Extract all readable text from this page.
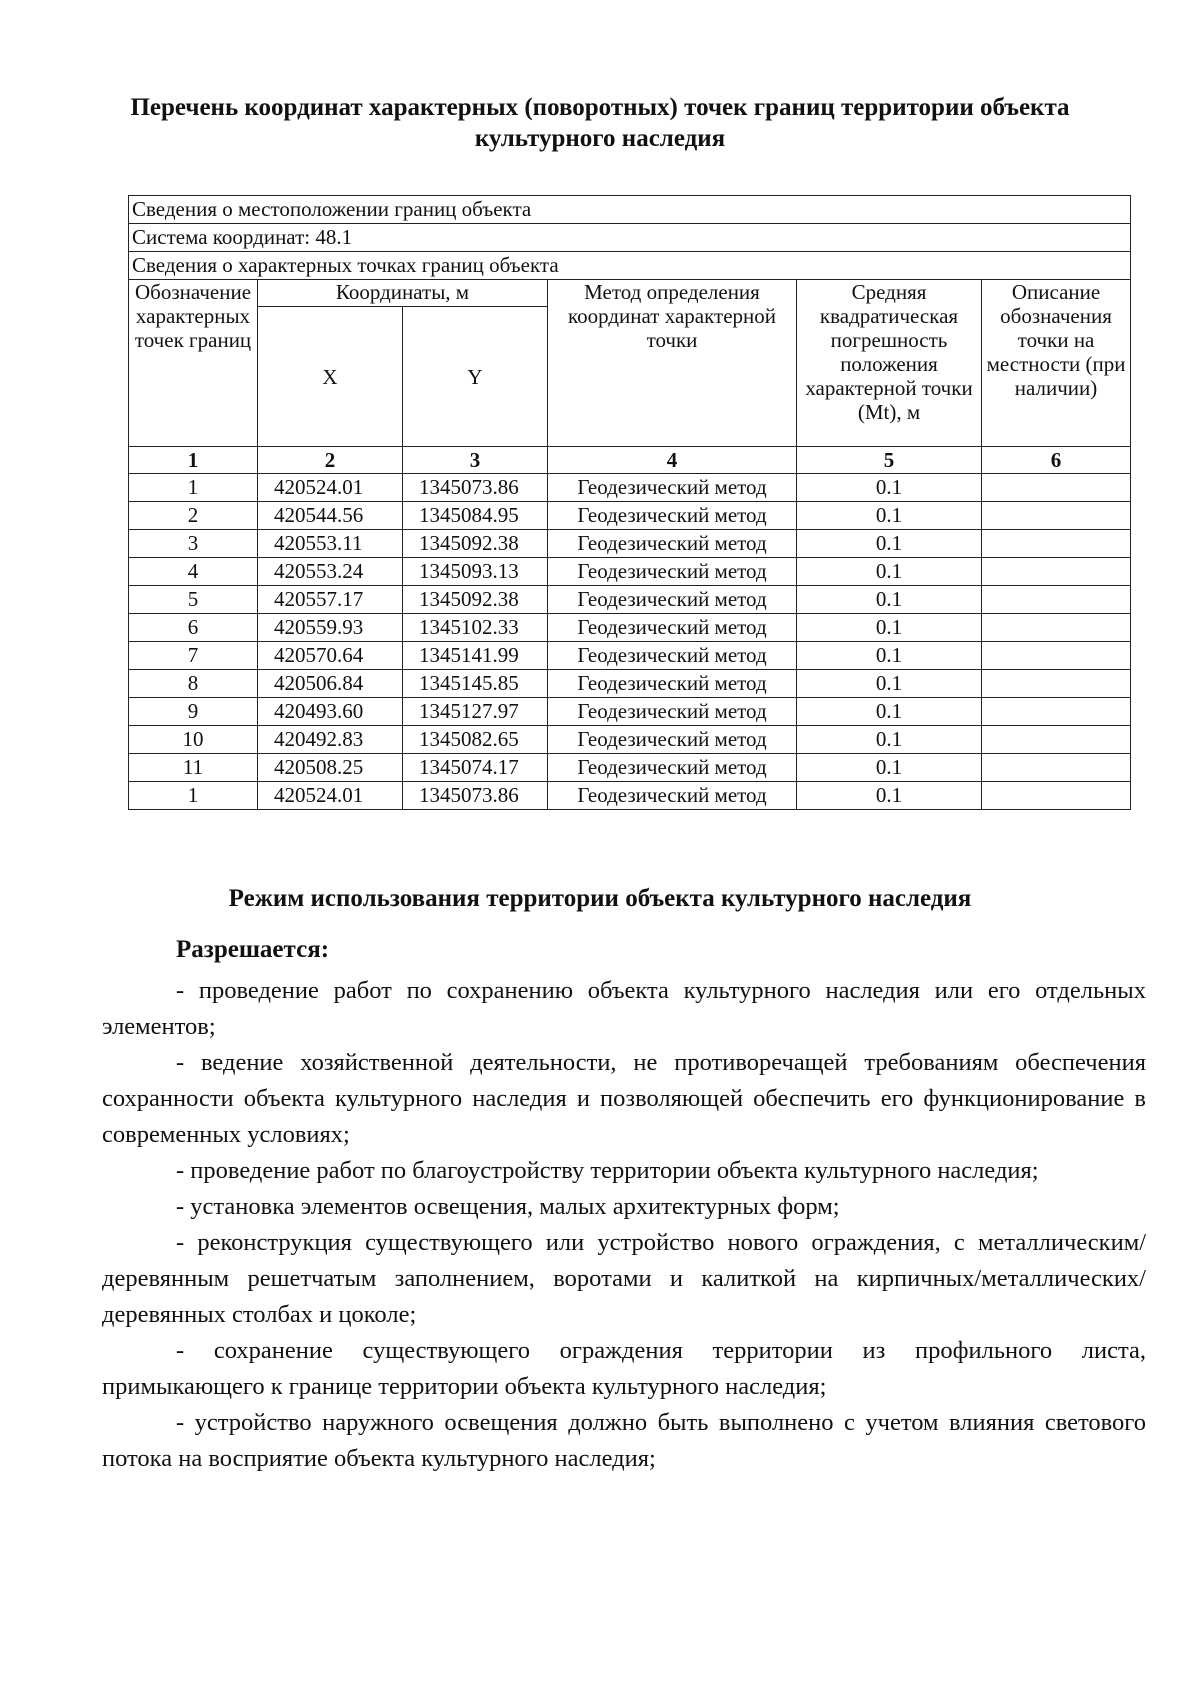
Перечень координат характерных (поворотных) точек границ территории объекта культурного наследия
Сведения о местоположении границ объекта					
Система координат: 48.1					
Сведения о характерных точках границ объекта					
Обозначение характерных точек границ	Координаты, м		Метод определения координат характерной точки	Средняя квадратическая погрешность положения характерной точки (Mt), м	Описание обозначения точки на местности (при наличии)
	X	Y			
1	2	3	4	5	6
1	420524.01	1345073.86	Геодезический метод	0.1	
2	420544.56	1345084.95	Геодезический метод	0.1	
3	420553.11	1345092.38	Геодезический метод	0.1	
4	420553.24	1345093.13	Геодезический метод	0.1	
5	420557.17	1345092.38	Геодезический метод	0.1	
6	420559.93	1345102.33	Геодезический метод	0.1	
7	420570.64	1345141.99	Геодезический метод	0.1	
8	420506.84	1345145.85	Геодезический метод	0.1	
9	420493.60	1345127.97	Геодезический метод	0.1	
10	420492.83	1345082.65	Геодезический метод	0.1	
11	420508.25	1345074.17	Геодезический метод	0.1	
1	420524.01	1345073.86	Геодезический метод	0.1	
Режим использования территории объекта культурного наследия
Разрешается:

- проведение работ по сохранению объекта культурного наследия или его отдельных элементов;

- ведение хозяйственной деятельности, не противоречащей требованиям обеспечения сохранности объекта культурного наследия и позволяющей обеспечить его функционирование в современных условиях;

- проведение работ по благоустройству территории объекта культурного наследия;

- установка элементов освещения, малых архитектурных форм;

- реконструкция существующего или устройство нового ограждения, с металлическим/деревянным решетчатым заполнением, воротами и калиткой на кирпичных/металлических/деревянных столбах и цоколе;

- сохранение существующего ограждения территории из профильного листа, примыкающего к границе территории объекта культурного наследия;

- устройство наружного освещения должно быть выполнено с учетом влияния светового потока на восприятие объекта культурного наследия;
